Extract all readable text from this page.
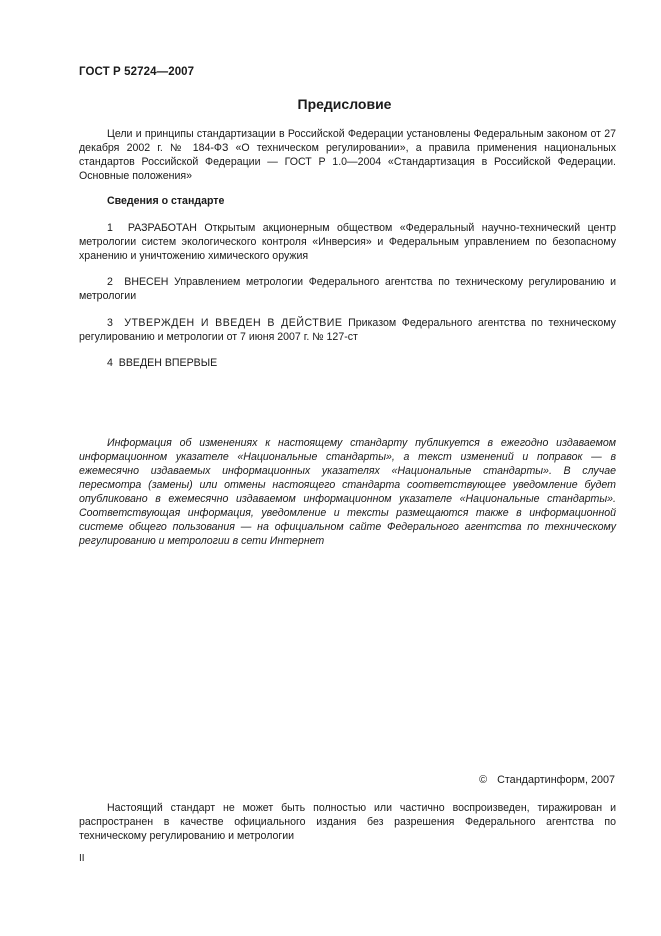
ГОСТ Р 52724—2007
Предисловие

Цели и принципы стандартизации в Российской Федерации установлены Федеральным законом от 27 декабря 2002 г. № 184-ФЗ «О техническом регулировании», а правила применения национальных стандартов Российской Федерации — ГОСТ Р 1.0—2004 «Стандартизация в Российской Федерации. Основные положения»

Сведения о стандарте

1 РАЗРАБОТАН Открытым акционерным обществом «Федеральный научно-технический центр метрологии систем экологического контроля «Инверсия» и Федеральным управлением по безопасному хранению и уничтожению химического оружия

2 ВНЕСЕН Управлением метрологии Федерального агентства по техническому регулированию и метрологии

3 УТВЕРЖДЕН И ВВЕДЕН В ДЕЙСТВИЕ Приказом Федерального агентства по техническому регулированию и метрологии от 7 июня 2007 г. № 127-ст

4 ВВЕДЕН ВПЕРВЫЕ

Информация об изменениях к настоящему стандарту публикуется в ежегодно издаваемом информационном указателе «Национальные стандарты», а текст изменений и поправок — в ежемесячно издаваемых информационных указателях «Национальные стандарты». В случае пересмотра (замены) или отмены настоящего стандарта соответствующее уведомление будет опубликовано в ежемесячно издаваемом информационном указателе «Национальные стандарты». Соответствующая информация, уведомление и тексты размещаются также в информационной системе общего пользования — на официальном сайте Федерального агентства по техническому регулированию и метрологии в сети Интернет

© Стандартинформ, 2007

Настоящий стандарт не может быть полностью или частично воспроизведен, тиражирован и распространен в качестве официального издания без разрешения Федерального агентства по техническому регулированию и метрологии

II
